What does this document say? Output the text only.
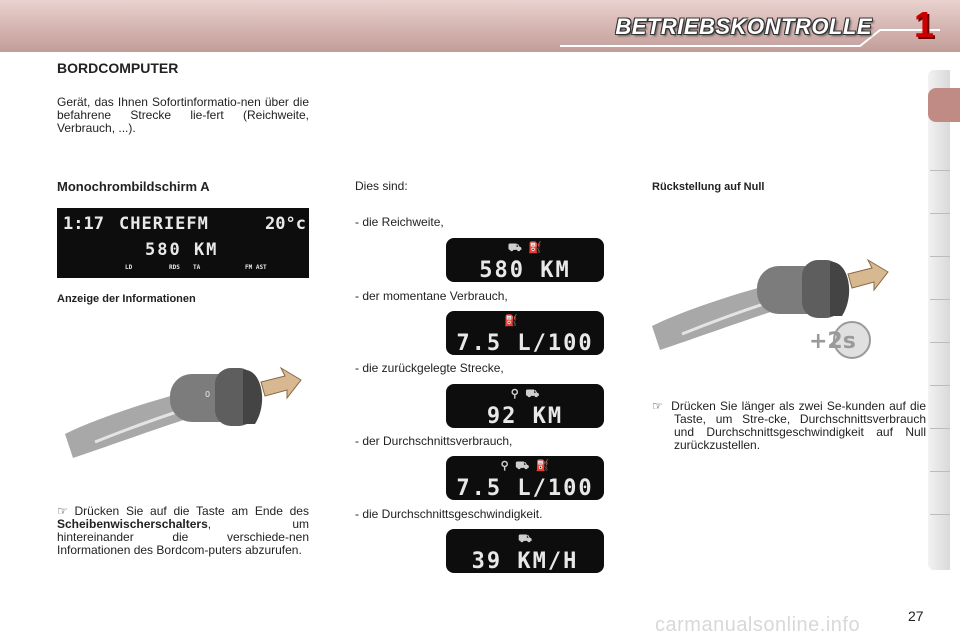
BETRIEBSKONTROLLE 1
BORDCOMPUTER
Gerät, das Ihnen Sofortinformatio-nen über die befahrene Strecke lie-fert (Reichweite, Verbrauch, ...).
Monochrombildschirm A
1:17 CHERIEFM	20°c
580 KM
LD	RDS TA	FM AST
Anzeige der Informationen
0
☞ Drücken Sie auf die Taste am Ende des Scheibenwischerschalters, um hintereinander die verschiede-nen Informationen des Bordcom-puters abzurufen.
Dies sind:
- die Reichweite,
⛟ ⛽
580 KM
- der momentane Verbrauch,
⛽
7.5 L/100
- die zurückgelegte Strecke,
⚲ ⛟
92 KM
- der Durchschnittsverbrauch,
⚲ ⛟ ⛽
7.5 L/100
- die Durchschnittsgeschwindigkeit.
⛟
39 KM/H
Rückstellung auf Null
+2s
☞  Drücken Sie länger als zwei Se-kunden auf die Taste, um Stre-cke, Durchschnittsverbrauch und Durchschnittsgeschwindigkeit auf Null zurückzustellen.
27
carmanualsonline.info
